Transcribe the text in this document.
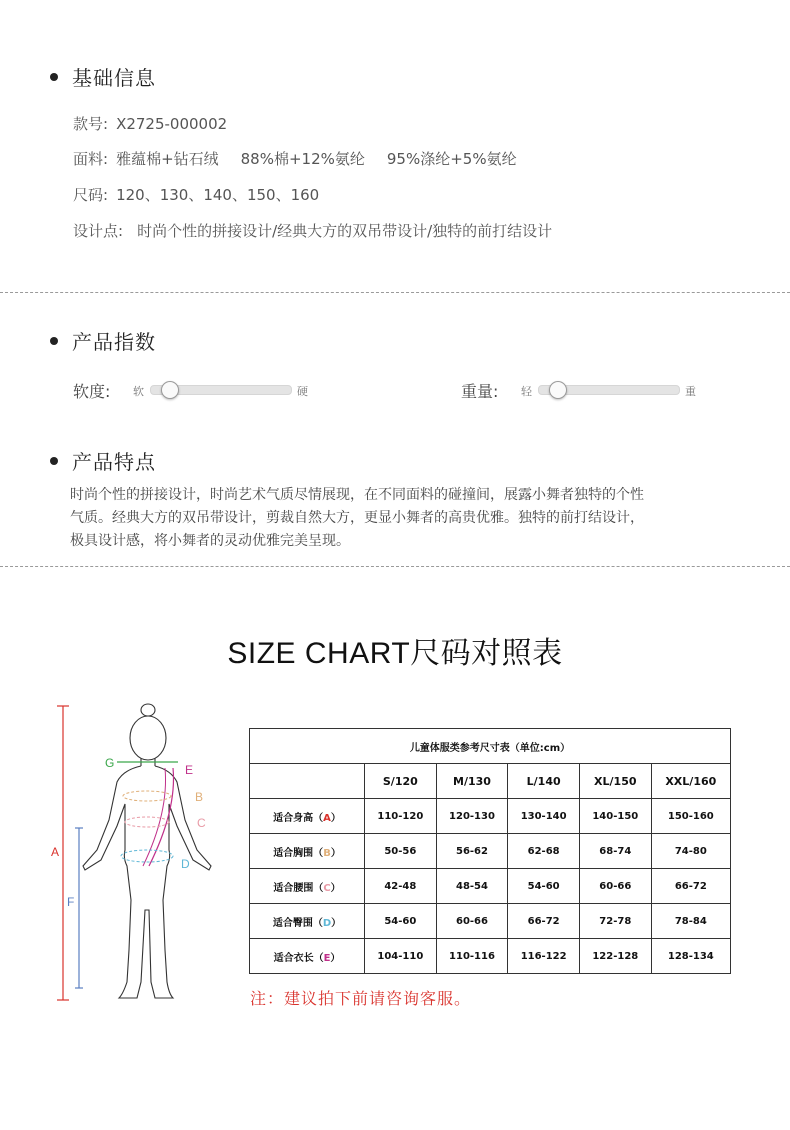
基础信息
款号: X2725-000002
面料: 雅蕴棉+钻石绒 88%棉+12%氨纶 95%涤纶+5%氨纶
尺码: 120、130、140、150、160
设计点: 时尚个性的拼接设计/经典大方的双吊带设计/独特的前打结设计
产品指数
软度: 软	硬	重量: 轻	重
产品特点
时尚个性的拼接设计，时尚艺术气质尽情展现，在不同面料的碰撞间，展露小舞者独特的个性
气质。经典大方的双吊带设计，剪裁自然大方，更显小舞者的高贵优雅。独特的前打结设计，
极具设计感，将小舞者的灵动优雅完美呈现。
SIZE CHART尺码对照表
A
F
G	E
B
C
D
儿童体服类参考尺寸表（单位:cm）					
	S/120	M/130	L/140	XL/150	XXL/160
适合身高（A）	110-120	120-130	130-140	140-150	150-160
适合胸围（B）	50-56	56-62	62-68	68-74	74-80
适合腰围（C）	42-48	48-54	54-60	60-66	66-72
适合臀围（D）	54-60	60-66	66-72	72-78	78-84
适合衣长（E）	104-110	110-116	116-122	122-128	128-134
注：建议拍下前请咨询客服。
